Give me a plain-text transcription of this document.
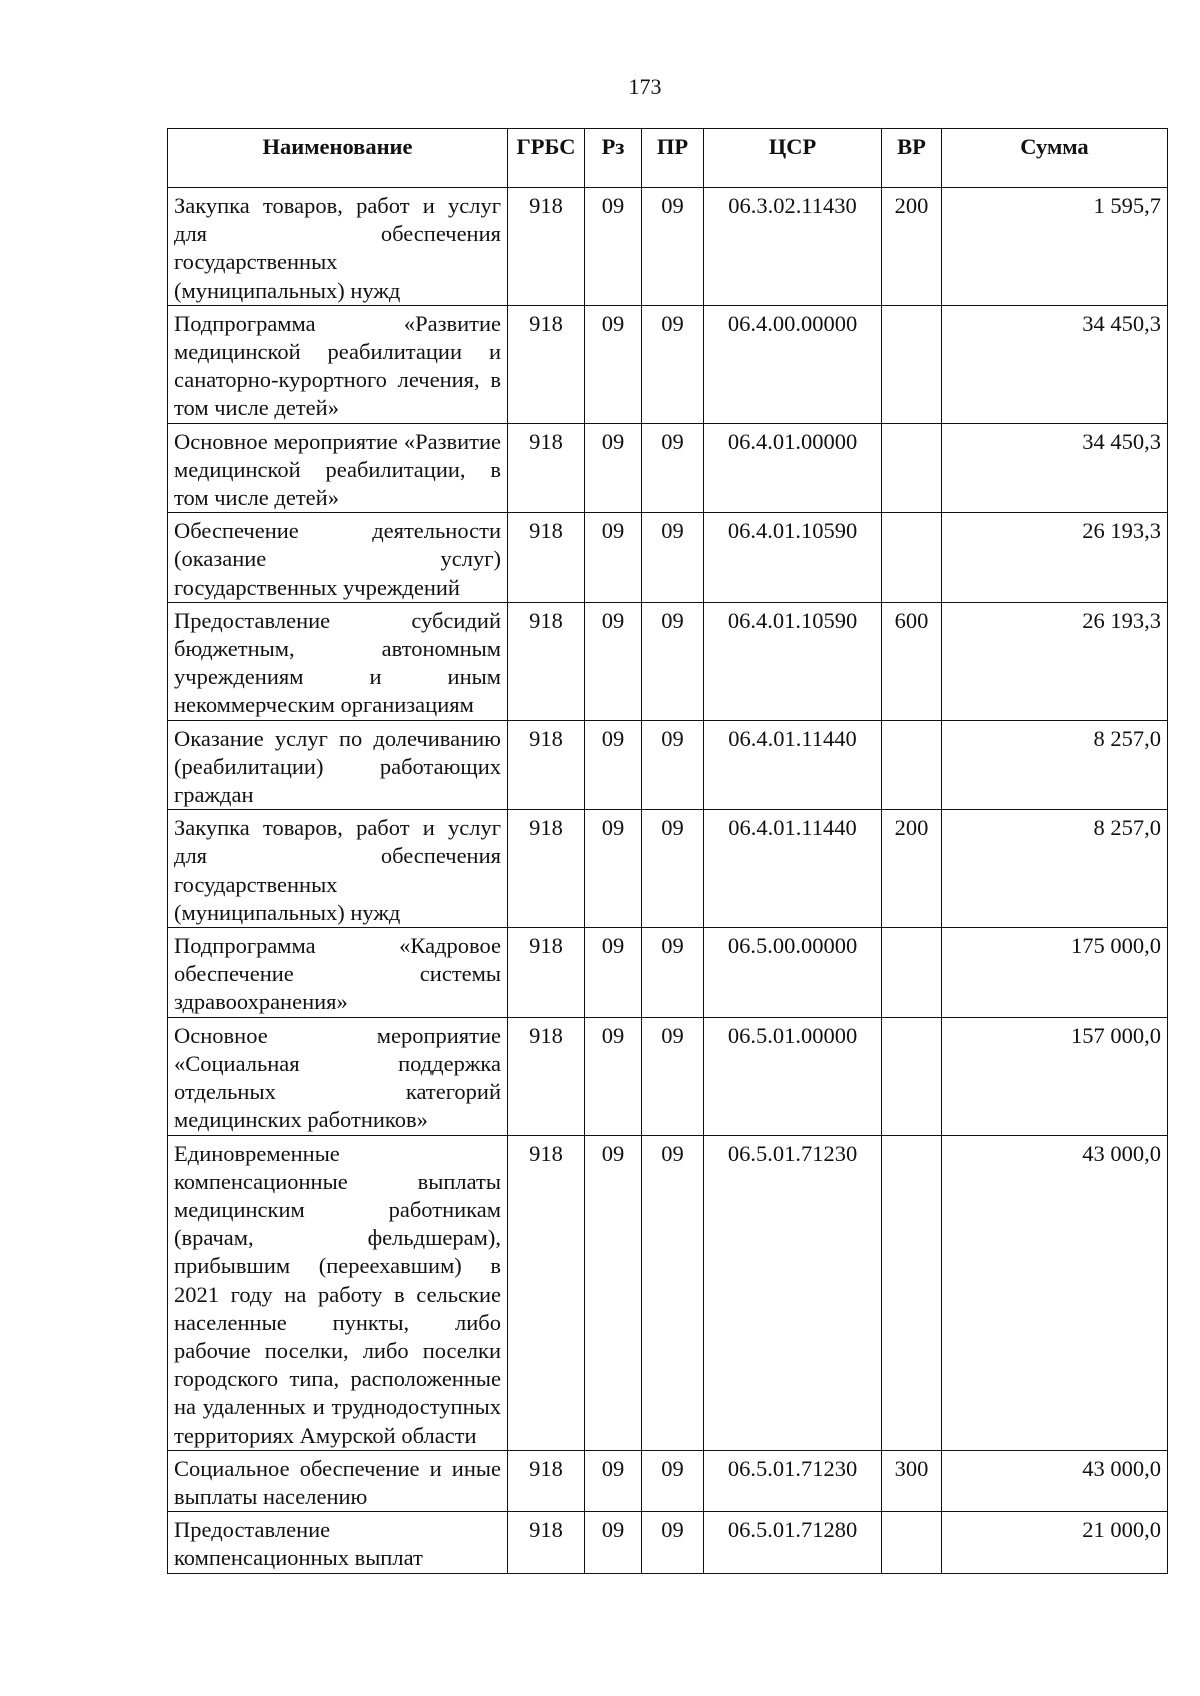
173
Наименование	ГРБС	Рз	ПР	ЦСР	ВР	Сумма
Закупка товаров, работ и услуг для обеспечения государственных (муниципальных) нужд	918	09	09	06.3.02.11430	200	1 595,7
Подпрограмма «Развитие медицинской реабилитации и санаторно-курортного лечения, в том числе детей»	918	09	09	06.4.00.00000		34 450,3
Основное мероприятие «Развитие медицинской реабилитации, в том числе детей»	918	09	09	06.4.01.00000		34 450,3
Обеспечение деятельности (оказание услуг) государственных учреждений	918	09	09	06.4.01.10590		26 193,3
Предоставление субсидий бюджетным, автономным учреждениям и иным некоммерческим организациям	918	09	09	06.4.01.10590	600	26 193,3
Оказание услуг по долечиванию (реабилитации) работающих граждан	918	09	09	06.4.01.11440		8 257,0
Закупка товаров, работ и услуг для обеспечения государственных (муниципальных) нужд	918	09	09	06.4.01.11440	200	8 257,0
Подпрограмма «Кадровое обеспечение системы здравоохранения»	918	09	09	06.5.00.00000		175 000,0
Основное мероприятие «Социальная поддержка отдельных категорий медицинских работников»	918	09	09	06.5.01.00000		157 000,0
Единовременные компенсационные выплаты медицинским работникам (врачам, фельдшерам), прибывшим (переехавшим) в 2021 году на работу в сельские населенные пункты, либо рабочие поселки, либо поселки городского типа, расположенные на удаленных и труднодоступных территориях Амурской области	918	09	09	06.5.01.71230		43 000,0
Социальное обеспечение и иные выплаты населению	918	09	09	06.5.01.71230	300	43 000,0
Предоставление компенсационных выплат	918	09	09	06.5.01.71280		21 000,0
